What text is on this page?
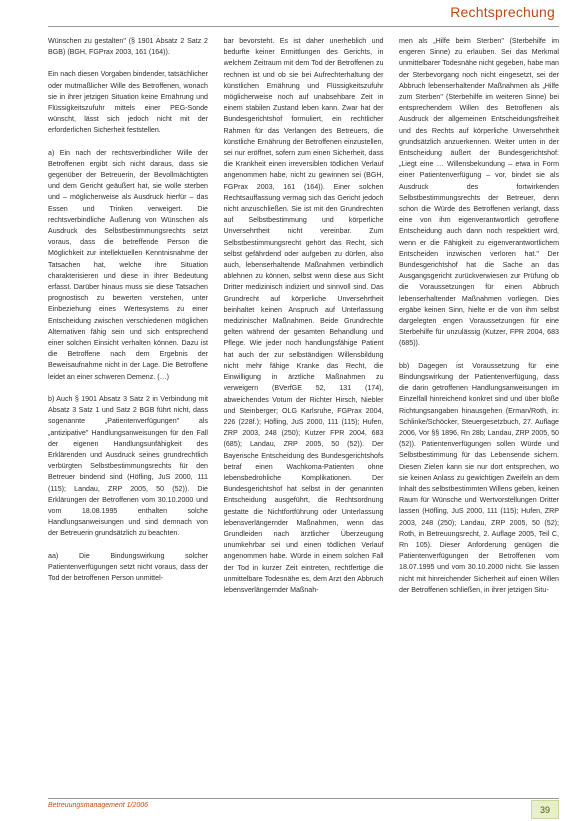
Rechtsprechung

Wünschen zu gestalten" (§ 1901 Absatz 2 Satz 2 BGB) (BGH, FGPrax 2003, 161 (164)).

Ein nach diesen Vorgaben bindender, tatsächlicher oder mutmaßlicher Wille des Betroffenen, wonach sie in ihrer jetzigen Situation keine Ernährung und Flüssigkeitszufuhr mittels einer PEG-Sonde wünscht, lässt sich jedoch nicht mit der erforderlichen Sicherheit feststellen.

a) Ein nach der rechtsverbindlicher Wille der Betroffenen ergibt sich nicht daraus, dass sie gegenüber der Betreuerin, der Bevollmächtigten und dem Gericht geäußert hat, sie wolle sterben und – möglicherweise als Ausdruck hierfür – das Essen und Trinken verweigert. Die rechtsverbindliche Äußerung von Wünschen als Ausdruck des Selbstbestimmungsrechts setzt voraus, dass die betreffende Person die Möglichkeit zur intellektuellen Kenntnisnahme der Tatsachen hat, welche ihre Situation charakterisieren und diese in ihrer Bedeutung erfasst. Darüber hinaus muss sie diese Tatsachen prognostisch zu bewerten verstehen, unter Einbeziehung eines Wertesystems zu einer Entscheidung zwischen verschiedenen möglichen Alternativen fähig sein und sich entsprechend einer solchen Einsicht verhalten können. Dazu ist die Betroffene nach dem Ergebnis der Beweisaufnahme nicht in der Lage. Die Betroffene leidet an einer schweren Demenz. (…)

b) Auch § 1901 Absatz 3 Satz 2 in Verbindung mit Absatz 3 Satz 1 und Satz 2 BGB führt nicht, dass sogenannte „Patientenverfügungen" als „antizipative" Handlungsanweisungen für den Fall der eigenen Handlungsunfähigkeit des Erklärenden und Ausdruck seines grundrechtlich verbürgten Selbstbestimmungsrechts für den Betreuer bindend sind (Höfling, JuS 2000, 111 (115); Landau, ZRP 2005, 50 (52)). Die Erklärungen der Betroffenen vom 30.10.2000 und vom 18.08.1995 enthalten solche Handlungsanweisungen und sind demnach von der Betreuerin grundsätzlich zu beachten.

aa) Die Bindungswirkung solcher Patientenverfügungen setzt nicht voraus, dass der Tod der betroffenen Person unmittel-

bar bevorsteht. Es ist daher unerheblich und bedurfte keiner Ermittlungen des Gerichts, in welchem Zeitraum mit dem Tod der Betroffenen zu rechnen ist und ob sie bei Aufrechterhaltung der künstlichen Ernährung und Flüssigkeitszufuhr möglicherweise noch auf unabsehbare Zeit in einem stabilen Zustand leben kann. Zwar hat der Bundesgerichtshof formuliert, ein rechtlicher Rahmen für das Verlangen des Betreuers, die künstliche Ernährung der Betroffenen einzustellen, sei nur eröffnet, sofern zum einen Sicherheit, dass die Krankheit einen irreversiblen tödlichen Verlauf angenommen habe, nicht zu gewinnen sei (BGH, FGPrax 2003, 161 (164)). Einer solchen Rechtsauffassung vermag sich das Gericht jedoch nicht anzuschließen. Sie ist mit den Grundrechten auf Selbstbestimmung und körperliche Unversehrtheit nicht vereinbar. Zum Selbstbestimmungsrecht gehört das Recht, sich selbst gefährdend oder aufgeben zu dürfen, also auch, lebenserhaltende Maßnahmen verbindlich ablehnen zu können, selbst wenn diese aus Sicht Dritter medizinisch indiziert und sinnvoll sind. Das Grundrecht auf körperliche Unversehrtheit beinhaltet keinen Anspruch auf Unterlassung medizinischer Maßnahmen. Beide Grundrechte gelten während der gesamten Behandlung und Pflege. Wie jeder noch handlungsfähige Patient hat auch der zur selbständigen Willensbildung nicht mehr fähige Kranke das Recht, die Einwilligung in ärztliche Maßnahmen zu verweigern (BVerfGE 52, 131 (174), abweichendes Votum der Richter Hirsch, Niebler und Steinberger; OLG Karlsruhe, FGPrax 2004, 226 (228f.); Höfling, JuS 2000, 111 (115); Hufen, ZRP 2003, 248 (250); Kutzer FPR 2004, 683 (685); Landau, ZRP 2005, 50 (52)). Der Bayerische Entscheidung des Bundesgerichtshofs betraf einen Wachkoma-Patienten ohne lebensbedrohliche Komplikationen. Der Bundesgerichtshof hat selbst in der genannten Entscheidung ausgeführt, die Rechtsordnung gestatte die Nichtfortführung oder Unterlassung lebensverlängernder Maßnahmen, wenn das Grundleiden nach ärztlicher Überzeugung unumkehrbar sei und einen tödlichen Verlauf angenommen habe. Würde in einem solchen Fall der Tod in kurzer Zeit eintreten, rechtfertige die unmittelbare Todesnähe es, dem Arzt den Abbruch lebensverlängernder Maßnah-

men als „Hilfe beim Sterben" (Sterbehilfe im engeren Sinne) zu erlauben. Sei das Merkmal unmittelbarer Todesnähe nicht gegeben, habe man der Sterbevorgang noch nicht eingesetzt, sei der Abbruch lebenserhaltender Maßnahmen als „Hilfe zum Sterben" (Sterbehilfe im weiteren Sinne) bei entsprechendem Willen des Betroffenen als Ausdruck der allgemeinen Entscheidungsfreiheit und des Rechts auf körperliche Unversehrtheit grundsätzlich anzuerkennen. Weiter unten in der Entscheidung äußert der Bundesgerichtshof: „Liegt eine … Willensbekundung – etwa in Form einer Patientenverfügung – vor, bindet sie als Ausdruck des fortwirkenden Selbstbestimmungsrechts der Betreuer, denn schon die Würde des Betroffenen verlangt, dass eine von ihm eigenverantwortlich getroffene Entscheidung auch dann noch respektiert wird, wenn er die Fähigkeit zu eigenverantwortlichem Entscheiden inzwischen verloren hat." Der Bundesgerichtshof hat die Sache an das Ausgangsgericht zurückverwiesen zur Prüfung ob die Voraussetzungen für einen Abbruch lebenserhaltender Maßnahmen vorliegen. Dies ergäbe keinen Sinn, hielte er die von ihm selbst dargelegten engen Voraussetzungen für eine Sterbehilfe für unzulässig (Kutzer, FPR 2004, 683 (685)).

bb) Dagegen ist Voraussetzung für eine Bindungswirkung der Patientenverfügung, dass die darin getroffenen Handlungsanweisungen im Einzelfall hinreichend konkret sind und über bloße Richtungsangaben hinausgehen (Erman/Roth, in: Schlinke/Schöcker, Steuergesetzbuch, 27. Auflage 2006, Vor §§ 1896, Rn 28b; Landau, ZRP 2005, 50 (52)). Patientenverfügungen sollen Würde und Selbstbestimmung für das Lebensende sichern. Diesen Zielen kann sie nur dort entsprechen, wo sie keinen Anlass zu gewichtigen Zweifeln an dem Inhalt des selbstbestimmten Willens geben, keinen Raum für Wünsche und Wertvorstellungen Dritter lassen (Höfling, JuS 2000, 111 (115); Hufen, ZRP 2003, 248 (250); Landau, ZRP 2005, 50 (52); Roth, in Betreuungsrecht, 2. Auflage 2005, Teil C, Rn 105). Dieser Anforderung genügen die Patientenverfügungen der Betroffenen vom 18.07.1995 und vom 30.10.2000 nicht. Sie lassen nicht mit hinreichender Sicherheit auf einen Willen der Betroffenen schließen, in ihrer jetzigen Situ-

Betreuungsmanagement 1/2006	39
